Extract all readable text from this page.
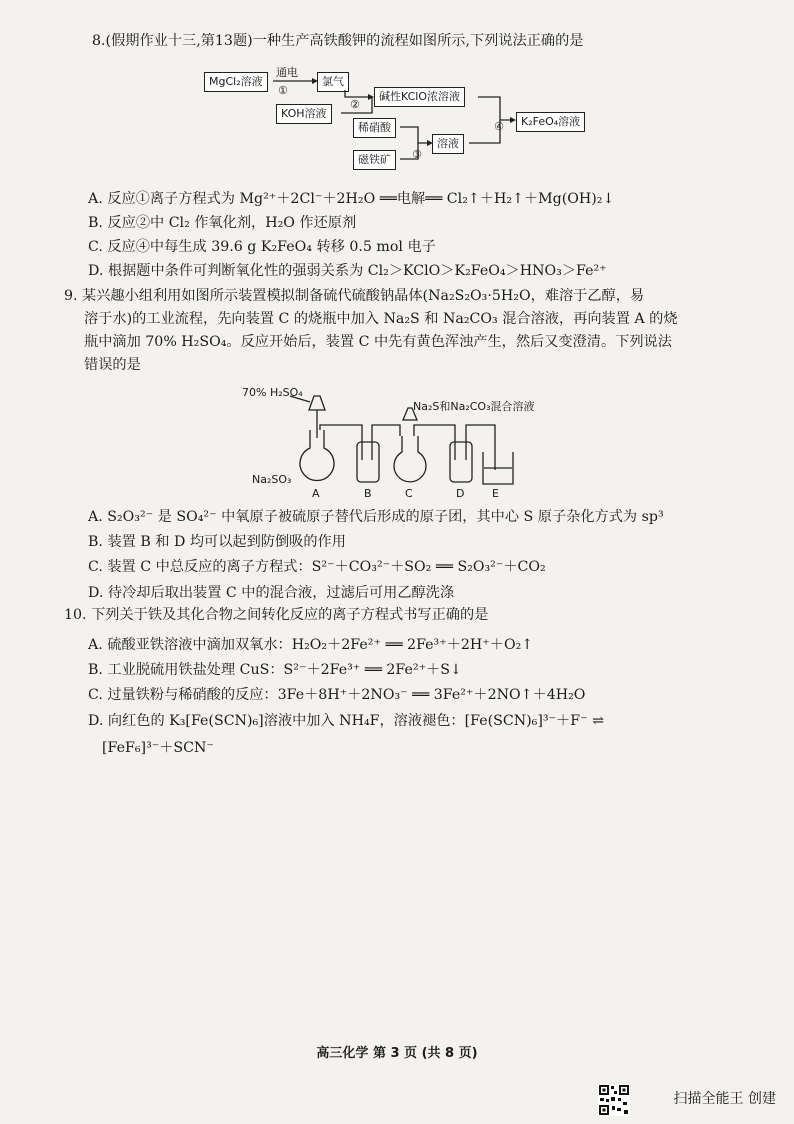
8.(假期作业十三,第13题)一种生产高铁酸钾的流程如图所示,下列说法正确的是
MgCl₂溶液
通电
①
氯气
KOH溶液
②
碱性KClO浓溶液
稀硝酸
磁铁矿	③
溶液
④	K₂FeO₄溶液
A. 反应①离子方程式为 Mg²⁺＋2Cl⁻＋2H₂O ══电解══ Cl₂↑＋H₂↑＋Mg(OH)₂↓
B. 反应②中 Cl₂ 作氧化剂，H₂O 作还原剂
C. 反应④中每生成 39.6 g K₂FeO₄ 转移 0.5 mol 电子
D. 根据题中条件可判断氧化性的强弱关系为 Cl₂＞KClO＞K₂FeO₄＞HNO₃＞Fe²⁺
9. 某兴趣小组利用如图所示装置模拟制备硫代硫酸钠晶体(Na₂S₂O₃·5H₂O，难溶于乙醇，易
溶于水)的工业流程，先向装置 C 的烧瓶中加入 Na₂S 和 Na₂CO₃ 混合溶液，再向装置 A 的烧
瓶中滴加 70% H₂SO₄。反应开始后，装置 C 中先有黄色浑浊产生，然后又变澄清。下列说法
错误的是
70% H₂SO₄
Na₂S和Na₂CO₃混合溶液
Na₂SO₃
A	B	C	D	E
A. S₂O₃²⁻ 是 SO₄²⁻ 中氧原子被硫原子替代后形成的原子团，其中心 S 原子杂化方式为 sp³
B. 装置 B 和 D 均可以起到防倒吸的作用
C. 装置 C 中总反应的离子方程式：S²⁻＋CO₃²⁻＋SO₂ ══ S₂O₃²⁻＋CO₂
D. 待冷却后取出装置 C 中的混合液，过滤后可用乙醇洗涤
10. 下列关于铁及其化合物之间转化反应的离子方程式书写正确的是
A. 硫酸亚铁溶液中滴加双氧水：H₂O₂＋2Fe²⁺ ══ 2Fe³⁺＋2H⁺＋O₂↑
B. 工业脱硫用铁盐处理 CuS：S²⁻＋2Fe³⁺ ══ 2Fe²⁺＋S↓
C. 过量铁粉与稀硝酸的反应：3Fe＋8H⁺＋2NO₃⁻ ══ 3Fe²⁺＋2NO↑＋4H₂O
D. 向红色的 K₃[Fe(SCN)₆]溶液中加入 NH₄F，溶液褪色：[Fe(SCN)₆]³⁻＋F⁻ ⇌
[FeF₆]³⁻＋SCN⁻
高三化学 第 3 页 (共 8 页)
扫描全能王 创建
